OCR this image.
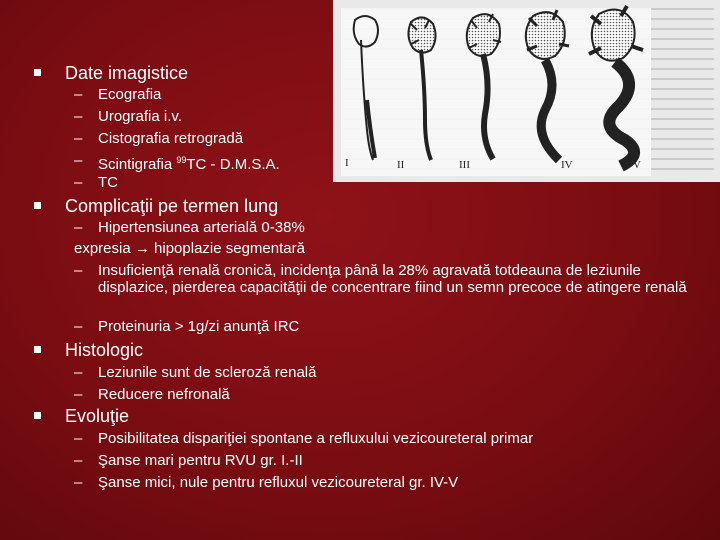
I	II	III	IV	V
Date imagistice
– Ecografia
– Urografia i.v.
– Cistografia retrogradă
– Scintigrafia $^{99}$TC - D.M.S.A.
– TC
Complicaţii pe termen lung
– Hipertensiunea arterială 0-38%
expresia → hipoplazie segmentară
– Insuficienţă renală cronică, incidenţa până la 28% agravată totdeauna de leziunile displazice, pierderea capacităţii de concentrare fiind un semn precoce de atingere renală
– Proteinuria > 1g/zi anunţă IRC
Histologic
– Leziunile sunt de scleroză renală
– Reducere nefronală
Evoluţie
– Posibilitatea dispariţiei spontane a refluxului vezicoureteral primar
– Şanse mari pentru RVU gr. I.-II
– Şanse mici, nule pentru refluxul vezicoureteral gr. IV-V
